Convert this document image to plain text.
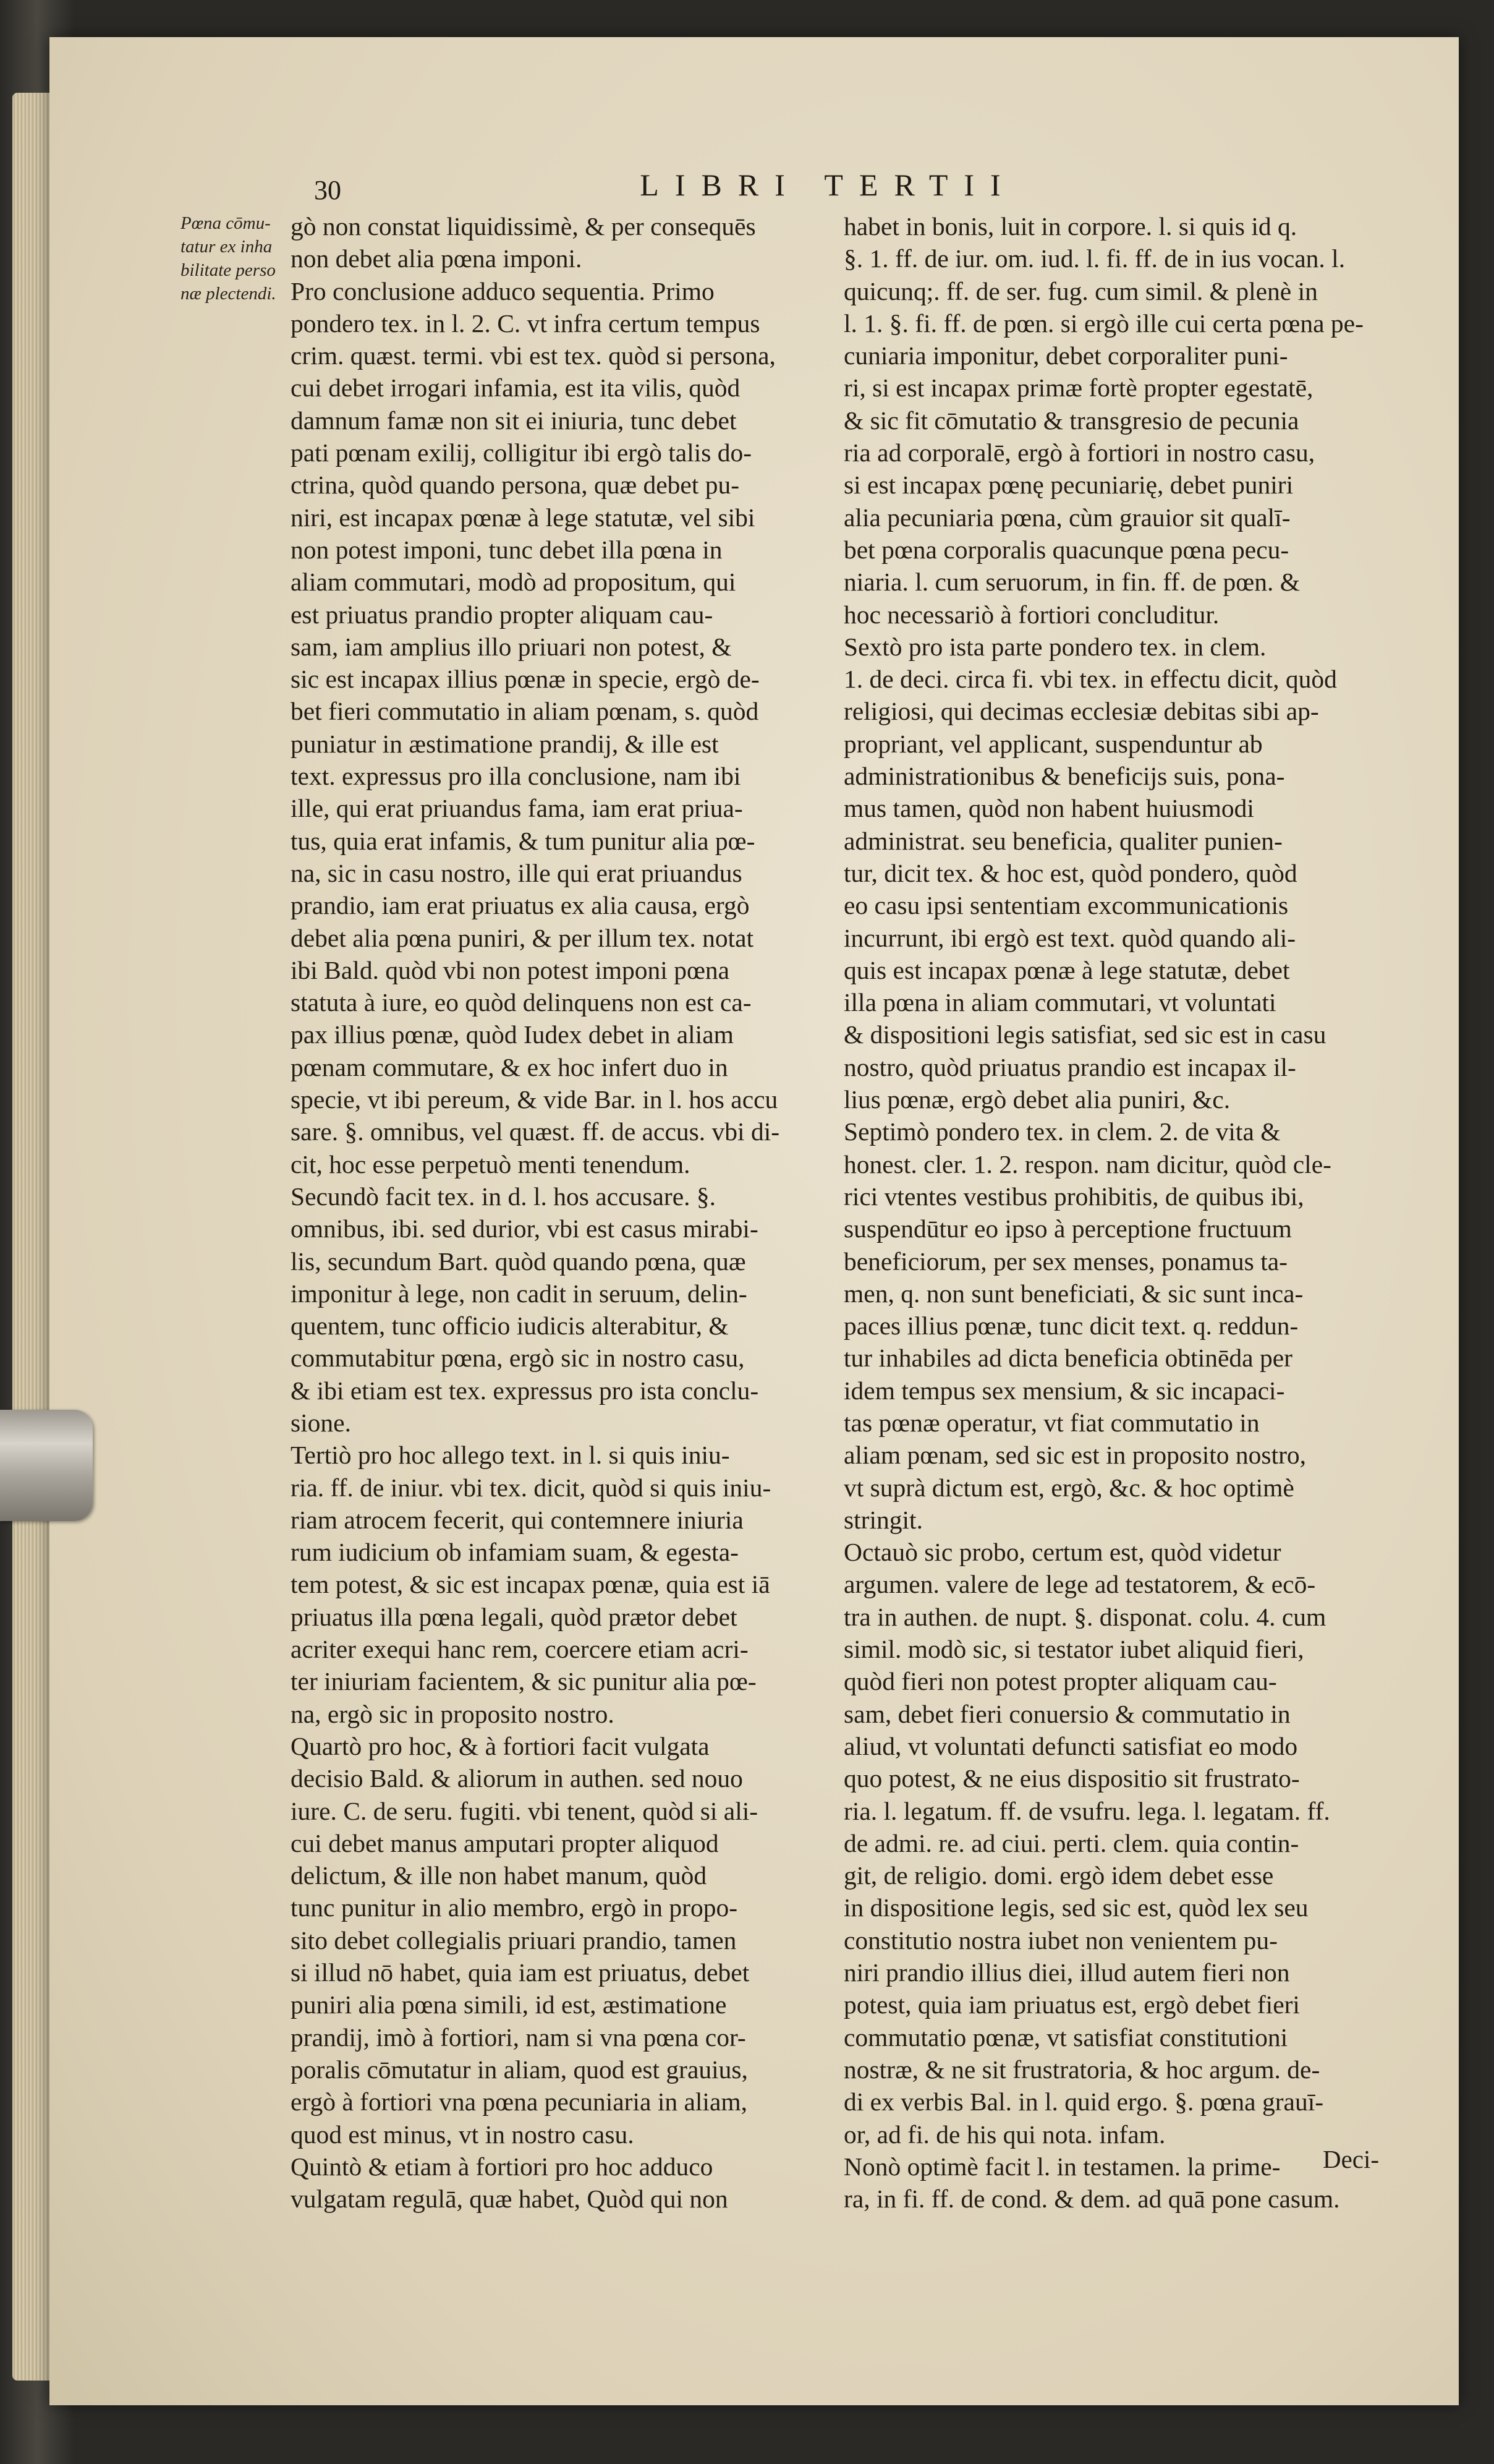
30	LIBRI TERTII
Pœna cōmu-
tatur ex inha
bilitate perso
næ plectendi.
gò non constat liquidissimè, & per consequēs
non debet alia pœna imponi.
Pro conclusione adduco sequentia. Primo
pondero tex. in l. 2. C. vt infra certum tempus
crim. quæst. termi. vbi est tex. quòd si persona,
cui debet irrogari infamia, est ita vilis, quòd
damnum famæ non sit ei iniuria, tunc debet
pati pœnam exilij, colligitur ibi ergò talis do-
ctrina, quòd quando persona, quæ debet pu-
niri, est incapax pœnæ à lege statutæ, vel sibi
non potest imponi, tunc debet illa pœna in
aliam commutari, modò ad propositum, qui
est priuatus prandio propter aliquam cau-
sam, iam amplius illo priuari non potest, &
sic est incapax illius pœnæ in specie, ergò de-
bet fieri commutatio in aliam pœnam, s. quòd
puniatur in æstimatione prandij, & ille est
text. expressus pro illa conclusione, nam ibi
ille, qui erat priuandus fama, iam erat priua-
tus, quia erat infamis, & tum punitur alia pœ-
na, sic in casu nostro, ille qui erat priuandus
prandio, iam erat priuatus ex alia causa, ergò
debet alia pœna puniri, & per illum tex. notat
ibi Bald. quòd vbi non potest imponi pœna
statuta à iure, eo quòd delinquens non est ca-
pax illius pœnæ, quòd Iudex debet in aliam
pœnam commutare, & ex hoc infert duo in
specie, vt ibi pereum, & vide Bar. in l. hos accu
sare. §. omnibus, vel quæst. ff. de accus. vbi di-
cit, hoc esse perpetuò menti tenendum.
Secundò facit tex. in d. l. hos accusare. §.
omnibus, ibi. sed durior, vbi est casus mirabi-
lis, secundum Bart. quòd quando pœna, quæ
imponitur à lege, non cadit in seruum, delin-
quentem, tunc officio iudicis alterabitur, &
commutabitur pœna, ergò sic in nostro casu,
& ibi etiam est tex. expressus pro ista conclu-
sione.
Tertiò pro hoc allego text. in l. si quis iniu-
ria. ff. de iniur. vbi tex. dicit, quòd si quis iniu-
riam atrocem fecerit, qui contemnere iniuria
rum iudicium ob infamiam suam, & egesta-
tem potest, & sic est incapax pœnæ, quia est iā
priuatus illa pœna legali, quòd prætor debet
acriter exequi hanc rem, coercere etiam acri-
ter iniuriam facientem, & sic punitur alia pœ-
na, ergò sic in proposito nostro.
Quartò pro hoc, & à fortiori facit vulgata
decisio Bald. & aliorum in authen. sed nouo
iure. C. de seru. fugiti. vbi tenent, quòd si ali-
cui debet manus amputari propter aliquod
delictum, & ille non habet manum, quòd
tunc punitur in alio membro, ergò in propo-
sito debet collegialis priuari prandio, tamen
si illud nō habet, quia iam est priuatus, debet
puniri alia pœna simili, id est, æstimatione
prandij, imò à fortiori, nam si vna pœna cor-
poralis cōmutatur in aliam, quod est grauius,
ergò à fortiori vna pœna pecuniaria in aliam,
quod est minus, vt in nostro casu.
Quintò & etiam à fortiori pro hoc adduco
vulgatam regulā, quæ habet, Quòd qui non
habet in bonis, luit in corpore. l. si quis id q.
§. 1. ff. de iur. om. iud. l. fi. ff. de in ius vocan. l.
quicunq;. ff. de ser. fug. cum simil. & plenè in
l. 1. §. fi. ff. de pœn. si ergò ille cui certa pœna pe-
cuniaria imponitur, debet corporaliter puni-
ri, si est incapax primæ fortè propter egestatē,
& sic fit cōmutatio & transgresio de pecunia
ria ad corporalē, ergò à fortiori in nostro casu,
si est incapax pœnę pecuniarię, debet puniri
alia pecuniaria pœna, cùm grauior sit qualī-
bet pœna corporalis quacunque pœna pecu-
niaria. l. cum seruorum, in fin. ff. de pœn. &
hoc necessariò à fortiori concluditur.
Sextò pro ista parte pondero tex. in clem.
1. de deci. circa fi. vbi tex. in effectu dicit, quòd
religiosi, qui decimas ecclesiæ debitas sibi ap-
propriant, vel applicant, suspenduntur ab
administrationibus & beneficijs suis, pona-
mus tamen, quòd non habent huiusmodi
administrat. seu beneficia, qualiter punien-
tur, dicit tex. & hoc est, quòd pondero, quòd
eo casu ipsi sententiam excommunicationis
incurrunt, ibi ergò est text. quòd quando ali-
quis est incapax pœnæ à lege statutæ, debet
illa pœna in aliam commutari, vt voluntati
& dispositioni legis satisfiat, sed sic est in casu
nostro, quòd priuatus prandio est incapax il-
lius pœnæ, ergò debet alia puniri, &c.
Septimò pondero tex. in clem. 2. de vita &
honest. cler. 1. 2. respon. nam dicitur, quòd cle-
rici vtentes vestibus prohibitis, de quibus ibi,
suspendūtur eo ipso à perceptione fructuum
beneficiorum, per sex menses, ponamus ta-
men, q. non sunt beneficiati, & sic sunt inca-
paces illius pœnæ, tunc dicit text. q. reddun-
tur inhabiles ad dicta beneficia obtinēda per
idem tempus sex mensium, & sic incapaci-
tas pœnæ operatur, vt fiat commutatio in
aliam pœnam, sed sic est in proposito nostro,
vt suprà dictum est, ergò, &c. & hoc optimè
stringit.
Octauò sic probo, certum est, quòd videtur
argumen. valere de lege ad testatorem, & ecō-
tra in authen. de nupt. §. disponat. colu. 4. cum
simil. modò sic, si testator iubet aliquid fieri,
quòd fieri non potest propter aliquam cau-
sam, debet fieri conuersio & commutatio in
aliud, vt voluntati defuncti satisfiat eo modo
quo potest, & ne eius dispositio sit frustrato-
ria. l. legatum. ff. de vsufru. lega. l. legatam. ff.
de admi. re. ad ciui. perti. clem. quia contin-
git, de religio. domi. ergò idem debet esse
in dispositione legis, sed sic est, quòd lex seu
constitutio nostra iubet non venientem pu-
niri prandio illius diei, illud autem fieri non
potest, quia iam priuatus est, ergò debet fieri
commutatio pœnæ, vt satisfiat constitutioni
nostræ, & ne sit frustratoria, & hoc argum. de-
di ex verbis Bal. in l. quid ergo. §. pœna grauī-
or, ad fi. de his qui nota. infam.
Nonò optimè facit l. in testamen. la prime-
ra, in fi. ff. de cond. & dem. ad quā pone casum.
Deci-
